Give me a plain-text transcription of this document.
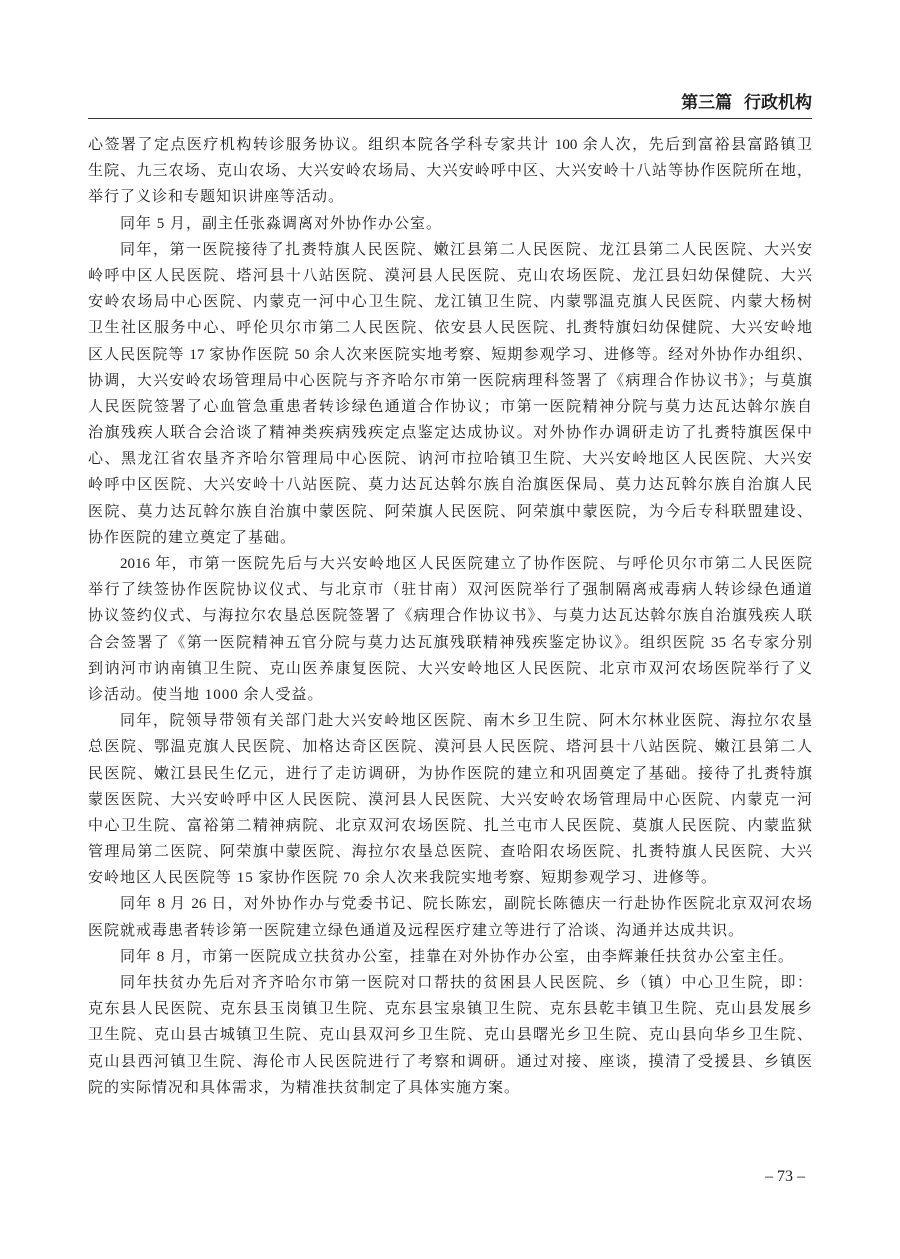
第三篇  行政机构
心签署了定点医疗机构转诊服务协议。组织本院各学科专家共计 100 余人次，先后到富裕县富路镇卫
生院、九三农场、克山农场、大兴安岭农场局、大兴安岭呼中区、大兴安岭十八站等协作医院所在地，
举行了义诊和专题知识讲座等活动。
同年 5 月，副主任张淼调离对外协作办公室。
同年，第一医院接待了扎赉特旗人民医院、嫩江县第二人民医院、龙江县第二人民医院、大兴安
岭呼中区人民医院、塔河县十八站医院、漠河县人民医院、克山农场医院、龙江县妇幼保健院、大兴
安岭农场局中心医院、内蒙克一河中心卫生院、龙江镇卫生院、内蒙鄂温克旗人民医院、内蒙大杨树
卫生社区服务中心、呼伦贝尔市第二人民医院、依安县人民医院、扎赉特旗妇幼保健院、大兴安岭地
区人民医院等 17 家协作医院 50 余人次来医院实地考察、短期参观学习、进修等。经对外协作办组织、
协调，大兴安岭农场管理局中心医院与齐齐哈尔市第一医院病理科签署了《病理合作协议书》；与莫旗
人民医院签署了心血管急重患者转诊绿色通道合作协议；市第一医院精神分院与莫力达瓦达斡尔族自
治旗残疾人联合会洽谈了精神类疾病残疾定点鉴定达成协议。对外协作办调研走访了扎赉特旗医保中
心、黑龙江省农垦齐齐哈尔管理局中心医院、讷河市拉哈镇卫生院、大兴安岭地区人民医院、大兴安
岭呼中区医院、大兴安岭十八站医院、莫力达瓦达斡尔族自治旗医保局、莫力达瓦斡尔族自治旗人民
医院、莫力达瓦斡尔族自治旗中蒙医院、阿荣旗人民医院、阿荣旗中蒙医院，为今后专科联盟建设、
协作医院的建立奠定了基础。
2016 年，市第一医院先后与大兴安岭地区人民医院建立了协作医院、与呼伦贝尔市第二人民医院
举行了续签协作医院协议仪式、与北京市（驻甘南）双河医院举行了强制隔离戒毒病人转诊绿色通道
协议签约仪式、与海拉尔农垦总医院签署了《病理合作协议书》、与莫力达瓦达斡尔族自治旗残疾人联
合会签署了《第一医院精神五官分院与莫力达瓦旗残联精神残疾鉴定协议》。组织医院 35 名专家分别
到讷河市讷南镇卫生院、克山医养康复医院、大兴安岭地区人民医院、北京市双河农场医院举行了义
诊活动。使当地 1000 余人受益。
同年，院领导带领有关部门赴大兴安岭地区医院、南木乡卫生院、阿木尔林业医院、海拉尔农垦
总医院、鄂温克旗人民医院、加格达奇区医院、漠河县人民医院、塔河县十八站医院、嫩江县第二人
民医院、嫩江县民生亿元，进行了走访调研，为协作医院的建立和巩固奠定了基础。接待了扎赉特旗
蒙医医院、大兴安岭呼中区人民医院、漠河县人民医院、大兴安岭农场管理局中心医院、内蒙克一河
中心卫生院、富裕第二精神病院、北京双河农场医院、扎兰屯市人民医院、莫旗人民医院、内蒙监狱
管理局第二医院、阿荣旗中蒙医院、海拉尔农垦总医院、查哈阳农场医院、扎赉特旗人民医院、大兴
安岭地区人民医院等 15 家协作医院 70 余人次来我院实地考察、短期参观学习、进修等。
同年 8 月 26 日，对外协作办与党委书记、院长陈宏，副院长陈德庆一行赴协作医院北京双河农场
医院就戒毒患者转诊第一医院建立绿色通道及远程医疗建立等进行了洽谈、沟通并达成共识。
同年 8 月，市第一医院成立扶贫办公室，挂靠在对外协作办公室，由李辉兼任扶贫办公室主任。
同年扶贫办先后对齐齐哈尔市第一医院对口帮扶的贫困县人民医院、乡（镇）中心卫生院，即：
克东县人民医院、克东县玉岗镇卫生院、克东县宝泉镇卫生院、克东县乾丰镇卫生院、克山县发展乡
卫生院、克山县古城镇卫生院、克山县双河乡卫生院、克山县曙光乡卫生院、克山县向华乡卫生院、
克山县西河镇卫生院、海伦市人民医院进行了考察和调研。通过对接、座谈，摸清了受援县、乡镇医
院的实际情况和具体需求，为精准扶贫制定了具体实施方案。
– 73 –
